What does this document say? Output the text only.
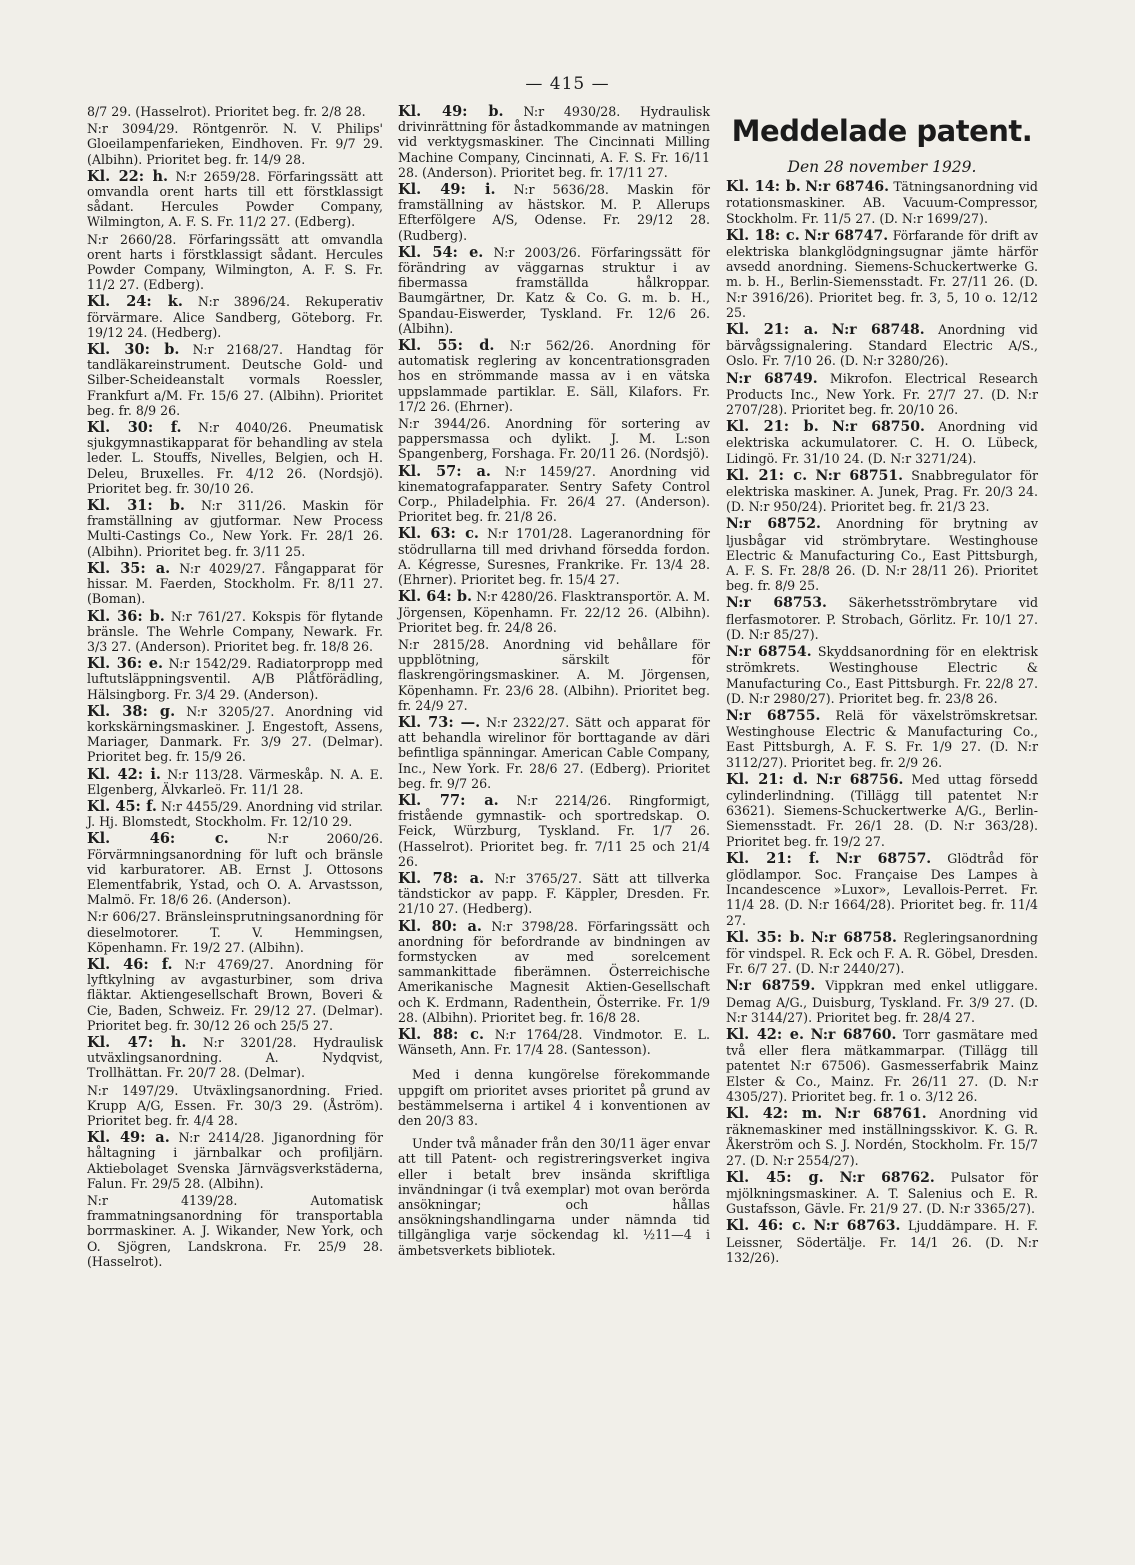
— 415 —

8/7 29. (Hasselrot). Prioritet beg. fr. 2/8 28.

N:r 3094/29. Röntgenrör. N. V. Philips' Gloeilampenfarieken, Eindhoven. Fr. 9/7 29. (Albihn). Prioritet beg. fr. 14/9 28.

Kl. 22: h. N:r 2659/28. Förfaringssätt att omvandla orent harts till ett förstklassigt sådant. Hercules Powder Company, Wilmington, A. F. S. Fr. 11/2 27. (Edberg).

N:r 2660/28. Förfaringssätt att omvandla orent harts i förstklassigt sådant. Hercules Powder Company, Wilmington, A. F. S. Fr. 11/2 27. (Edberg).

Kl. 24: k. N:r 3896/24. Rekuperativ förvärmare. Alice Sandberg, Göteborg. Fr. 19/12 24. (Hedberg).

Kl. 30: b. N:r 2168/27. Handtag för tandläkareinstrument. Deutsche Gold- und Silber-Scheideanstalt vormals Roessler, Frankfurt a/M. Fr. 15/6 27. (Albihn). Prioritet beg. fr. 8/9 26.

Kl. 30: f. N:r 4040/26. Pneumatisk sjukgymnastikapparat för behandling av stela leder. L. Stouffs, Nivelles, Belgien, och H. Deleu, Bruxelles. Fr. 4/12 26. (Nordsjö). Prioritet beg. fr. 30/10 26.

Kl. 31: b. N:r 311/26. Maskin för framställning av gjutformar. New Process Multi-Castings Co., New York. Fr. 28/1 26. (Albihn). Prioritet beg. fr. 3/11 25.

Kl. 35: a. N:r 4029/27. Fångapparat för hissar. M. Faerden, Stockholm. Fr. 8/11 27. (Boman).

Kl. 36: b. N:r 761/27. Kokspis för flytande bränsle. The Wehrle Company, Newark. Fr. 3/3 27. (Anderson). Prioritet beg. fr. 18/8 26.

Kl. 36: e. N:r 1542/29. Radiatorpropp med luftutsläppningsventil. A/B Plåtförädling, Hälsingborg. Fr. 3/4 29. (Anderson).

Kl. 38: g. N:r 3205/27. Anordning vid korkskärningsmaskiner. J. Engestoft, Assens, Mariager, Danmark. Fr. 3/9 27. (Delmar). Prioritet beg. fr. 15/9 26.

Kl. 42: i. N:r 113/28. Värmeskåp. N. A. E. Elgenberg, Älvkarleö. Fr. 11/1 28.

Kl. 45: f. N:r 4455/29. Anordning vid strilar. J. Hj. Blomstedt, Stockholm. Fr. 12/10 29.

Kl. 46: c.	N:r 2060/26. Förvärmningsanordning för luft och bränsle vid karburatorer. AB. Ernst J. Ottosons Elementfabrik, Ystad, och O. A. Arvastsson, Malmö. Fr. 18/6 26. (Anderson).

N:r 606/27. Bränsleinsprutningsanordning för dieselmotorer. T. V. Hemmingsen, Köpenhamn. Fr. 19/2 27. (Albihn).

Kl. 46: f. N:r 4769/27. Anordning för lyftkylning av avgasturbiner, som driva fläktar. Aktiengesellschaft Brown, Boveri & Cie, Baden, Schweiz. Fr. 29/12 27. (Delmar). Prioritet beg. fr. 30/12 26 och 25/5 27.

Kl. 47: h. N:r 3201/28. Hydraulisk utväxlingsanordning. A. Nydqvist, Trollhättan. Fr. 20/7 28. (Delmar).

N:r 1497/29. Utväxlingsanordning. Fried. Krupp A/G, Essen. Fr. 30/3 29. (Åström). Prioritet beg. fr. 4/4 28.

Kl. 49: a. N:r 2414/28. Jiganordning för håltagning i järnbalkar och profiljärn. Aktiebolaget Svenska Järnvägsverkstäderna, Falun. Fr. 29/5 28. (Albihn).

N:r 4139/28. Automatisk frammatningsanordning för transportabla borrmaskiner. A. J. Wikander, New York, och O. Sjögren, Landskrona. Fr. 25/9 28. (Hasselrot).

Kl. 49: b. N:r 4930/28. Hydraulisk drivinrättning för åstadkommande av matningen vid verktygsmaskiner. The Cincinnati Milling Machine Company, Cincinnati, A. F. S. Fr. 16/11 28. (Anderson). Prioritet beg. fr. 17/11 27.

Kl. 49: i. N:r 5636/28. Maskin för framställning av hästskor. M. P. Allerups Efterfölgere A/S, Odense. Fr. 29/12 28. (Rudberg).

Kl. 54: e. N:r 2003/26. Förfaringssätt för förändring av väggarnas struktur i av fibermassa framställda hålkroppar. Baumgärtner, Dr. Katz & Co. G. m. b. H., Spandau-Eiswerder, Tyskland. Fr. 12/6 26. (Albihn).

Kl. 55: d. N:r 562/26. Anordning för automatisk reglering av koncentrationsgraden hos en strömmande massa av i en vätska uppslammade partiklar. E. Säll, Kilafors. Fr. 17/2 26. (Ehrner).

N:r 3944/26. Anordning för sortering av pappersmassa och dylikt. J. M. L:son Spangenberg, Forshaga. Fr. 20/11 26. (Nordsjö).

Kl. 57: a. N:r 1459/27. Anordning vid kinematografapparater. Sentry Safety Control Corp., Philadelphia. Fr. 26/4 27. (Anderson). Prioritet beg. fr. 21/8 26.

Kl. 63: c. N:r 1701/28. Lageranordning för stödrullarna till med drivhand försedda fordon. A. Kégresse, Suresnes, Frankrike. Fr. 13/4 28. (Ehrner). Prioritet beg. fr. 15/4 27.

Kl. 64: b. N:r 4280/26. Flasktransportör. A. M. Jörgensen, Köpenhamn. Fr. 22/12 26. (Albihn). Prioritet beg. fr. 24/8 26.

N:r 2815/28. Anordning vid behållare för uppblötning, särskilt för flaskrengöringsmaskiner. A. M. Jörgensen, Köpenhamn. Fr. 23/6 28. (Albihn). Prioritet beg. fr. 24/9 27.

Kl. 73: —. N:r 2322/27. Sätt och apparat för att behandla wirelinor för borttagande av däri befintliga spänningar. American Cable Company, Inc., New York. Fr. 28/6 27. (Edberg). Prioritet beg. fr. 9/7 26.

Kl. 77: a. N:r 2214/26. Ringformigt, fristående gymnastik- och sportredskap. O. Feick, Würzburg, Tyskland. Fr. 1/7 26. (Hasselrot). Prioritet beg. fr. 7/11 25 och 21/4 26.

Kl. 78: a. N:r 3765/27. Sätt att tillverka tändstickor av papp. F. Käppler, Dresden. Fr. 21/10 27. (Hedberg).

Kl. 80: a. N:r 3798/28. Förfaringssätt och anordning för befordrande av bindningen av formstycken av med sorelcement sammankittade fiberämnen. Österreichische Amerikanische Magnesit Aktien-Gesellschaft och K. Erdmann, Radenthein, Österrike. Fr. 1/9 28. (Albihn). Prioritet beg. fr. 16/8 28.

Kl. 88: c. N:r 1764/28. Vindmotor. E. L. Wänseth, Ann. Fr. 17/4 28. (Santesson).

Med i denna kungörelse förekommande uppgift om prioritet avses prioritet på grund av bestämmelserna i artikel 4 i konventionen av den 20/3 83.

Under två månader från den 30/11 äger envar att till Patent- och registreringsverket ingiva eller i betalt brev insända skriftliga invändningar (i två exemplar) mot ovan berörda ansökningar; och hållas ansökningshandlingarna under nämnda tid tillgängliga varje söckendag kl. ½11—4 i ämbetsverkets bibliotek.

Meddelade patent.
Den 28 november 1929.

Kl. 14: b. N:r 68746. Tätningsanordning vid rotationsmaskiner. AB. Vacuum-Compressor, Stockholm. Fr. 11/5 27. (D. N:r 1699/27).

Kl. 18: c. N:r 68747. Förfarande för drift av elektriska blankglödgningsugnar jämte härför avsedd anordning. Siemens-Schuckertwerke G. m. b. H., Berlin-Siemensstadt. Fr. 27/11 26. (D. N:r 3916/26). Prioritet beg. fr. 3, 5, 10 o. 12/12 25.

Kl. 21: a. N:r 68748. Anordning vid bärvågssignalering. Standard Electric A/S., Oslo. Fr. 7/10 26. (D. N:r 3280/26).

N:r 68749. Mikrofon. Electrical Research Products Inc., New York. Fr. 27/7 27. (D. N:r 2707/28). Prioritet beg. fr. 20/10 26.

Kl. 21: b. N:r 68750. Anordning vid elektriska ackumulatorer. C. H. O. Lübeck, Lidingö. Fr. 31/10 24. (D. N:r 3271/24).

Kl. 21: c. N:r 68751. Snabbregulator för elektriska maskiner. A. Junek, Prag. Fr. 20/3 24. (D. N:r 950/24). Prioritet beg. fr. 21/3 23.

N:r 68752. Anordning för brytning av ljusbågar vid strömbrytare. Westinghouse Electric & Manufacturing Co., East Pittsburgh, A. F. S. Fr. 28/8 26. (D. N:r 28/11 26). Prioritet beg. fr. 8/9 25.

N:r 68753. Säkerhetsströmbrytare vid flerfasmotorer. P. Strobach, Görlitz. Fr. 10/1 27. (D. N:r 85/27).

N:r 68754. Skyddsanordning för en elektrisk strömkrets. Westinghouse Electric & Manufacturing Co., East Pittsburgh. Fr. 22/8 27. (D. N:r 2980/27). Prioritet beg. fr. 23/8 26.

N:r 68755. Relä för växelströmskretsar. Westinghouse Electric & Manufacturing Co., East Pittsburgh, A. F. S. Fr. 1/9 27. (D. N:r 3112/27). Prioritet beg. fr. 2/9 26.

Kl. 21: d. N:r 68756. Med uttag försedd cylinderlindning. (Tillägg till patentet N:r 63621). Siemens-Schuckertwerke A/G., Berlin-Siemensstadt. Fr. 26/1 28. (D. N:r 363/28). Prioritet beg. fr. 19/2 27.

Kl. 21: f. N:r 68757. Glödtråd för glödlampor. Soc. Française Des Lampes à Incandescence »Luxor», Levallois-Perret. Fr. 11/4 28. (D. N:r 1664/28). Prioritet beg. fr. 11/4 27.

Kl. 35: b. N:r 68758. Regleringsanordning för vindspel. R. Eck och F. A. R. Göbel, Dresden. Fr. 6/7 27. (D. N:r 2440/27).

N:r 68759. Vippkran med enkel utliggare. Demag A/G., Duisburg, Tyskland. Fr. 3/9 27. (D. N:r 3144/27). Prioritet beg. fr. 28/4 27.

Kl. 42: e. N:r 68760. Torr gasmätare med två eller flera mätkammarpar. (Tillägg till patentet N:r 67506). Gasmesserfabrik Mainz Elster & Co., Mainz. Fr. 26/11 27. (D. N:r 4305/27). Prioritet beg. fr. 1 o. 3/12 26.

Kl. 42: m. N:r 68761. Anordning vid räknemaskiner med inställningsskivor. K. G. R. Åkerström och S. J. Nordén, Stockholm. Fr. 15/7 27. (D. N:r 2554/27).

Kl. 45: g. N:r 68762. Pulsator för mjölkningsmaskiner. A. T. Salenius och E. R. Gustafsson, Gävle. Fr. 21/9 27. (D. N:r 3365/27).

Kl. 46: c. N:r 68763. Ljuddämpare. H. F. Leissner, Södertälje. Fr. 14/1 26. (D. N:r 132/26).
